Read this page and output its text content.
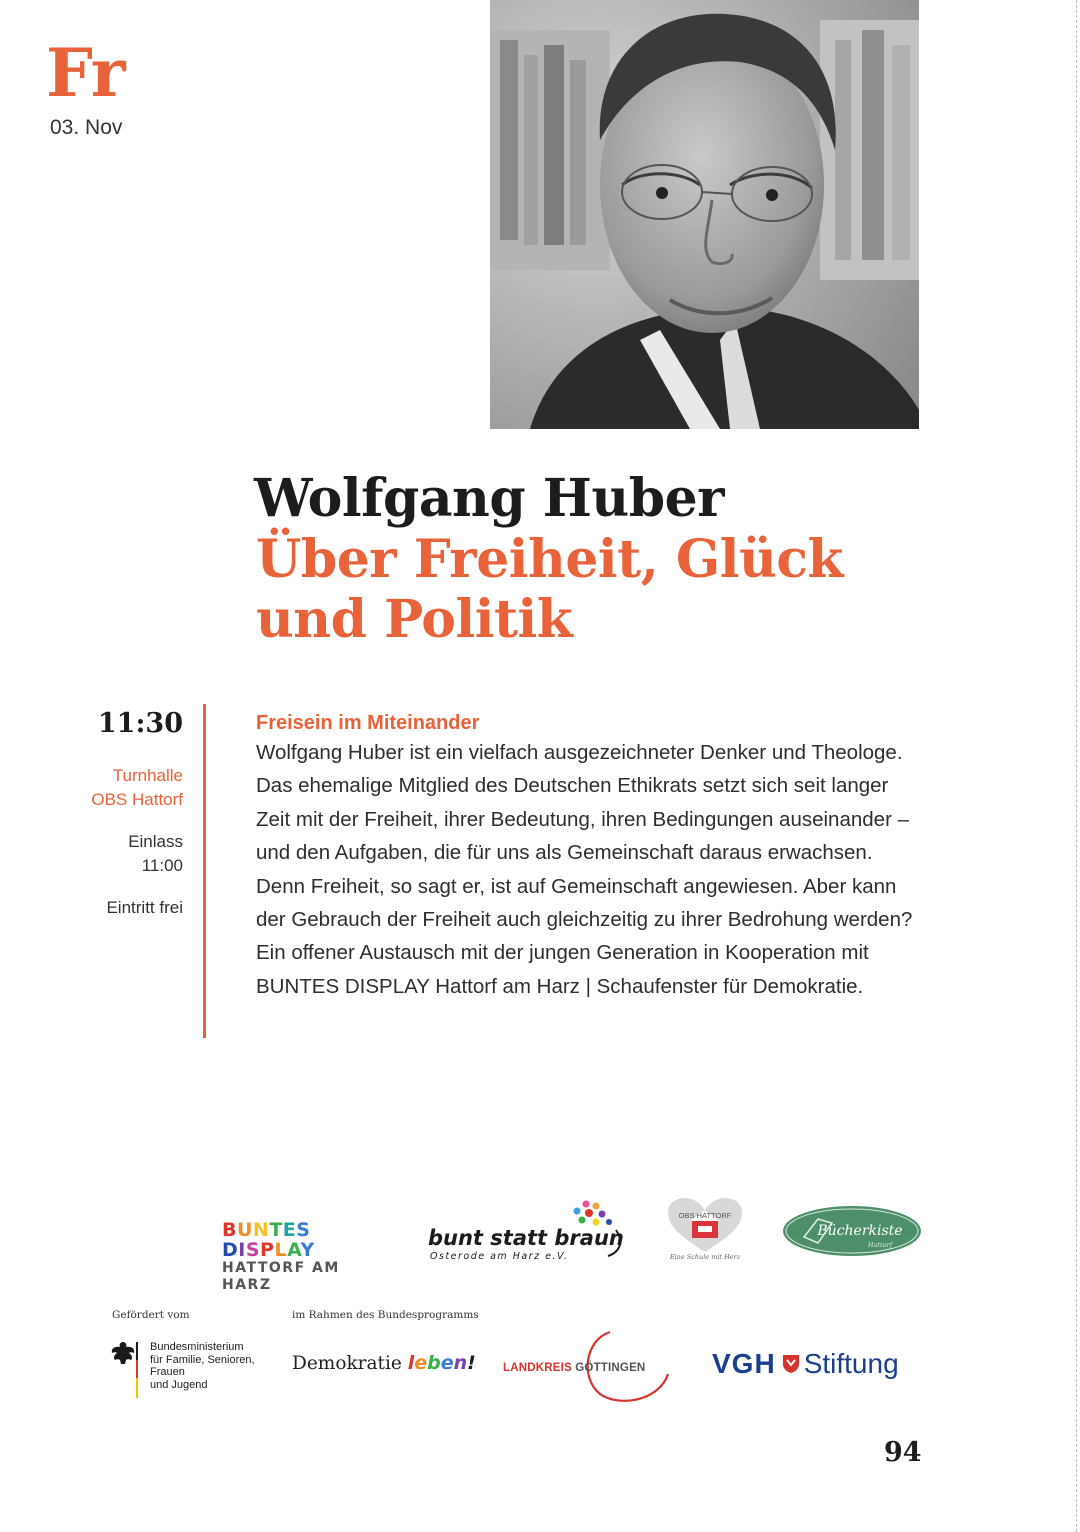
Fr
03. Nov
Wolfgang Huber
Über Freiheit, Glück und Politik
11:30
Turnhalle
OBS Hattorf
Einlass
11:00
Eintritt frei
Freisein im Miteinander
Wolfgang Huber ist ein vielfach ausgezeichneter Denker und Theologe. Das ehemalige Mitglied des Deutschen Ethikrats setzt sich seit langer Zeit mit der Freiheit, ihrer Bedeutung, ihren Bedingungen auseinander – und den Aufgaben, die für uns als Gemeinschaft daraus erwachsen. Denn Freiheit, so sagt er, ist auf Gemeinschaft angewiesen. Aber kann der Gebrauch der Freiheit auch gleichzeitig zu ihrer Bedrohung werden? Ein offener Austausch mit der jungen Generation in Kooperation mit BUNTES DISPLAY Hattorf am Harz | Schaufenster für Demokratie.
BUNTES DISPLAY
HATTORF AM HARZ
bunt statt braun
Osterode am Harz e.V.
OBS HATTORF
Eine Schule mit Herz
Bücherkiste
Hattorf
Gefördert vom	im Rahmen des Bundesprogramms
Bundesministerium
für Familie, Senioren, Frauen
und Jugend
Demokratie leben! LANDKREIS GÖTTINGEN VGH Stiftung
94
